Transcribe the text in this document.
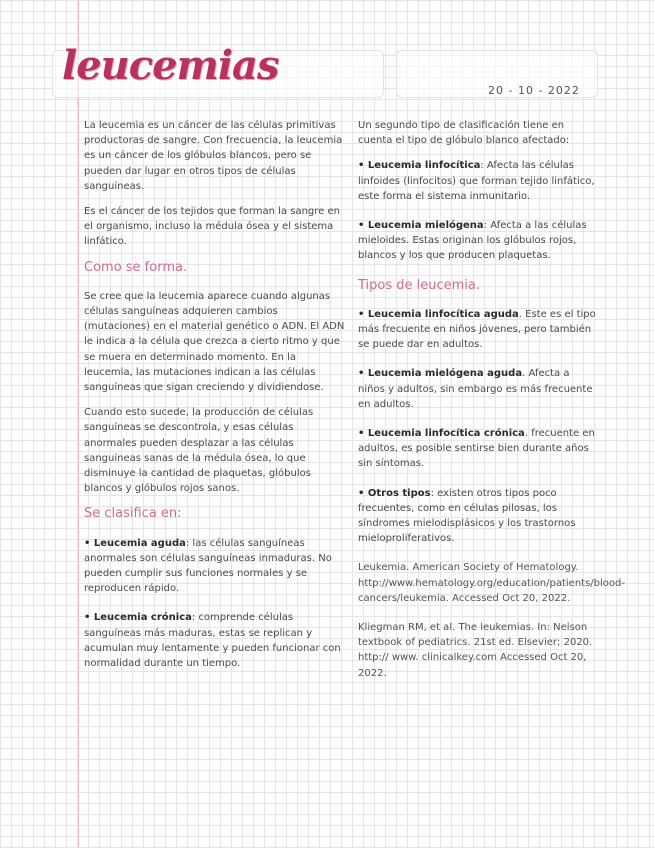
leucemias
20 - 10 - 2022

La leucemia es un cáncer de las células primitivas productoras de sangre. Con frecuencia, la leucemia es un cáncer de los glóbulos blancos, pero se pueden dar lugar en otros tipos de células sanguíneas.

Es el cáncer de los tejidos que forman la sangre en el organismo, incluso la médula ósea y el sistema linfático.

Como se forma.

Se cree que la leucemia aparece cuando algunas células sanguíneas adquieren cambios (mutaciones) en el material genético o ADN. El ADN le indica a la célula que crezca a cierto ritmo y que se muera en determinado momento. En la leucemia, las mutaciones indican a las células sanguíneas que sigan creciendo y dividiendose.

Cuando esto sucede, la producción de células sanguíneas se descontrola, y esas células anormales pueden desplazar a las células sanguíneas sanas de la médula ósea, lo que disminuye la cantidad de plaquetas, glóbulos blancos y glóbulos rojos sanos.

Se clasifica en:
• Leucemia aguda: las células sanguíneas anormales son células sanguíneas inmaduras. No pueden cumplir sus funciones normales y se reproducen rápido.
• Leucemia crónica: comprende células sanguíneas más maduras, estas se replican y acumulan muy lentamente y pueden funcionar con normalidad durante un tiempo.

Un segundo tipo de clasificación tiene en cuenta el tipo de glóbulo blanco afectado:

• Leucemia linfocítica: Afecta las células linfoides (linfocitos) que forman tejido linfático, este forma el sistema inmunitario.
• Leucemia mielógena: Afecta a las células mieloides. Estas originan los glóbulos rojos, blancos y los que producen plaquetas.
Tipos de leucemia.
• Leucemia linfocítica aguda. Este es el tipo más frecuente en niños jóvenes, pero también se puede dar en adultos.
• Leucemia mielógena aguda. Afecta a niños y adultos, sin embargo es más frecuente en adultos.
• Leucemia linfocítica crónica. frecuente en adultos, es posible sentirse bien durante años sin síntomas.
• Otros tipos: existen otros tipos poco frecuentes, como en células pilosas, los síndromes mielodisplásicos y los trastornos mieloproliferativos.
Leukemia. American Society of Hematology. http://www.hematology.org/education/patients/blood-cancers/leukemia. Accessed Oct 20, 2022.
Kliegman RM, et al. The leukemias. In: Nelson textbook of pediatrics. 21st ed. Elsevier; 2020. http:// www. clinicalkey.com Accessed Oct 20, 2022.
